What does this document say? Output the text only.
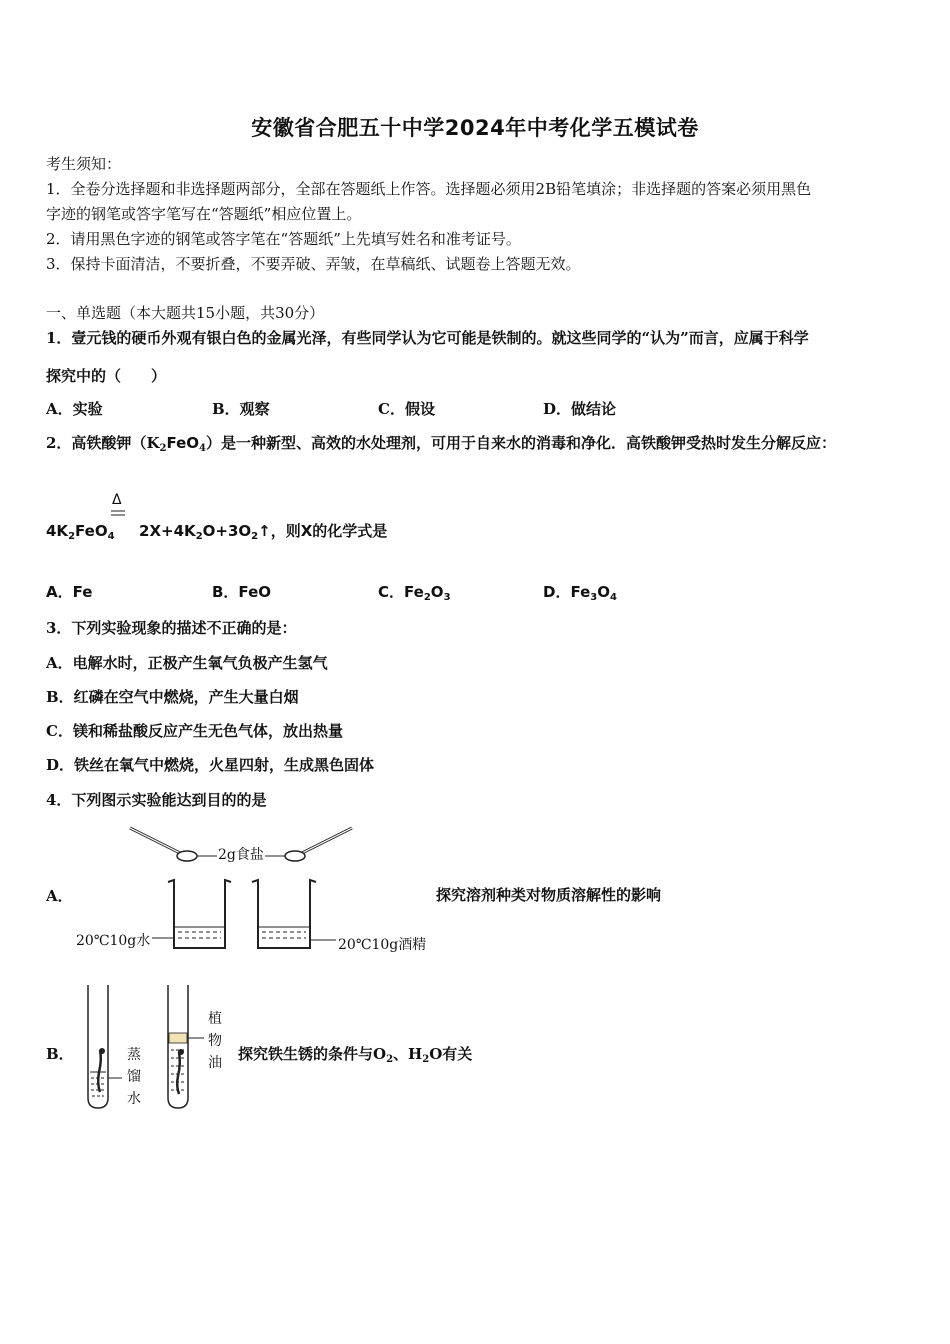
安徽省合肥五十中学2024年中考化学五模试卷
考生须知：
1．全卷分选择题和非选择题两部分，全部在答题纸上作答。选择题必须用2B铅笔填涂；非选择题的答案必须用黑色
字迹的钢笔或答字笔写在“答题纸”相应位置上。
2．请用黑色字迹的钢笔或答字笔在“答题纸”上先填写姓名和准考证号。
3．保持卡面清洁，不要折叠，不要弄破、弄皱，在草稿纸、试题卷上答题无效。
一、单选题（本大题共15小题，共30分）
1．壹元钱的硬币外观有银白色的金属光泽，有些同学认为它可能是铁制的。就这些同学的“认为”而言，应属于科学
探究中的（　　）
A．实验	B．观察	C．假设	D．做结论
2．高铁酸钾$(K_2FeO_4)$是一种新型、高效的水处理剂，可用于自来水的消毒和净化．高铁酸钾受热时发生分解反应：
$4K_2FeO_4$ $2X+4K_2O+3O_2↑$，则X的化学式是
Δ
A．Fe	B．FeO	C．$Fe_2O_3$	D．$Fe_3O_4$
3．下列实验现象的描述不正确的是：
A．电解水时，正极产生氧气负极产生氢气
B．红磷在空气中燃烧，产生大量白烟
C．镁和稀盐酸反应产生无色气体，放出热量
D．铁丝在氧气中燃烧，火星四射，生成黑色固体
4．下列图示实验能达到目的的是
2g食盐
20℃10g水	20℃10g酒精
A．	探究溶剂种类对物质溶解性的影响
蒸
馏
水
植
物
油
B．	探究铁生锈的条件与$O_2$、$H_2O$有关
